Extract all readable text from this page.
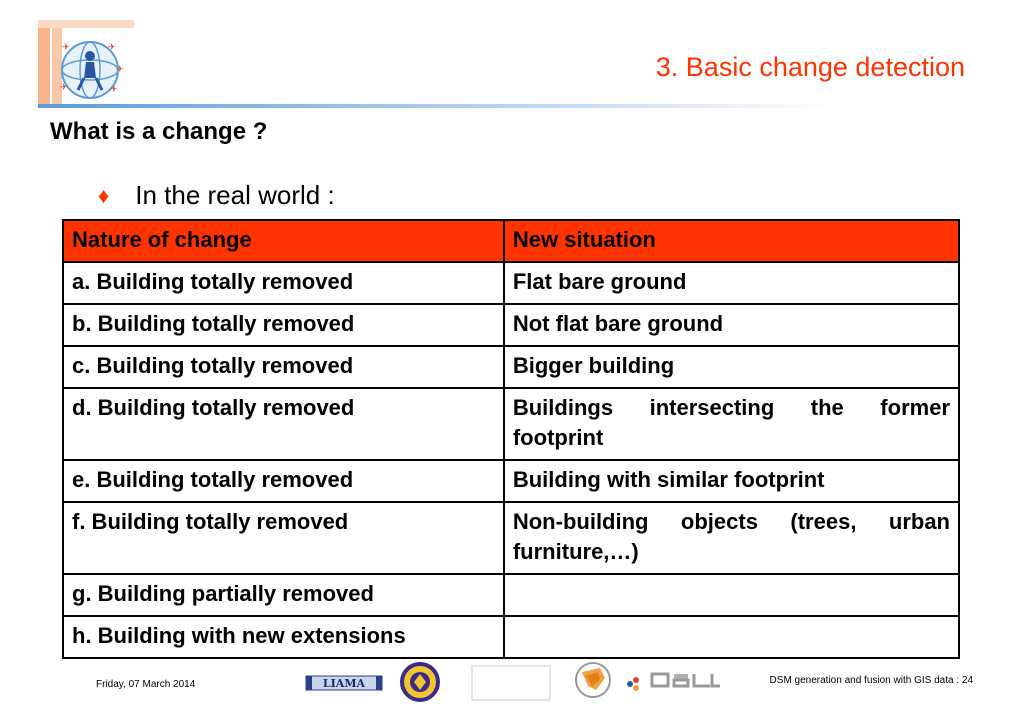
✈	✈
✈	✈
✈	3. Basic change detection
What is a change ?
♦ In the real world :
Nature of change	New situation
a. Building totally removed	Flat bare ground
b. Building totally removed	Not flat bare ground
c. Building totally removed	Bigger building
d. Building totally removed	Buildings intersecting the former footprint
e. Building totally removed	Building with similar footprint
f. Building totally removed	Non-building objects (trees, urban furniture,…)
g. Building partially removed	
h. Building with new extensions	
Friday, 07 March 2014	LIAMA	DSM generation and fusion with GIS data : 24
